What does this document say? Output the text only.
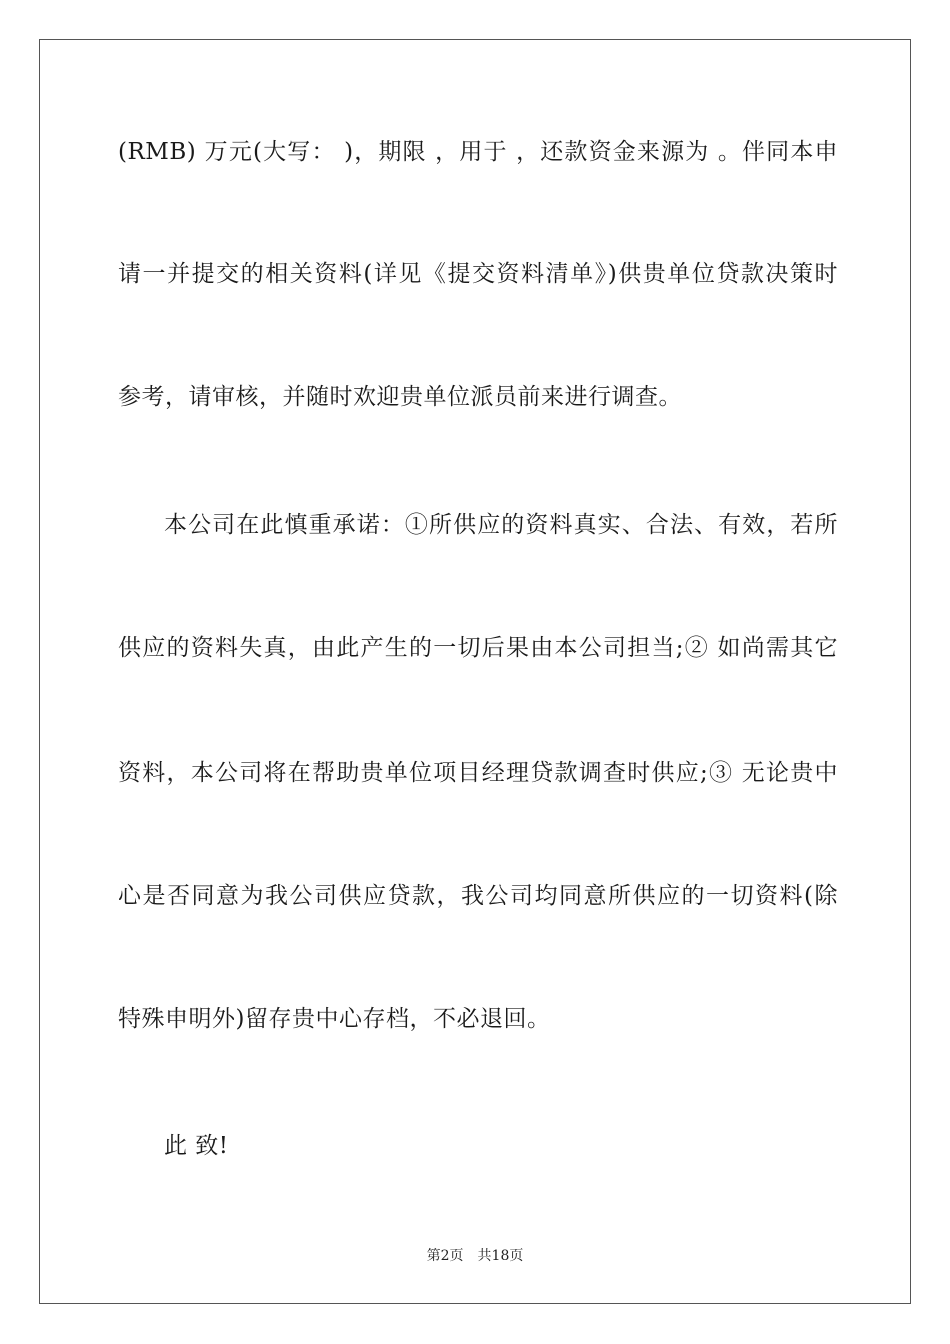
(RMB) 万元(大写： )，期限 ，用于 ，还款资金来源为 。伴同本申
请一并提交的相关资料(详见《提交资料清单》)供贵单位贷款决策时
参考，请审核，并随时欢迎贵单位派员前来进行调查。
本公司在此慎重承诺：①所供应的资料真实、合法、有效，若所
供应的资料失真，由此产生的一切后果由本公司担当;② 如尚需其它
资料，本公司将在帮助贵单位项目经理贷款调查时供应;③ 无论贵中
心是否同意为我公司供应贷款，我公司均同意所供应的一切资料(除
特殊申明外)留存贵中心存档，不必退回。
此 致!
第2页　共18页
